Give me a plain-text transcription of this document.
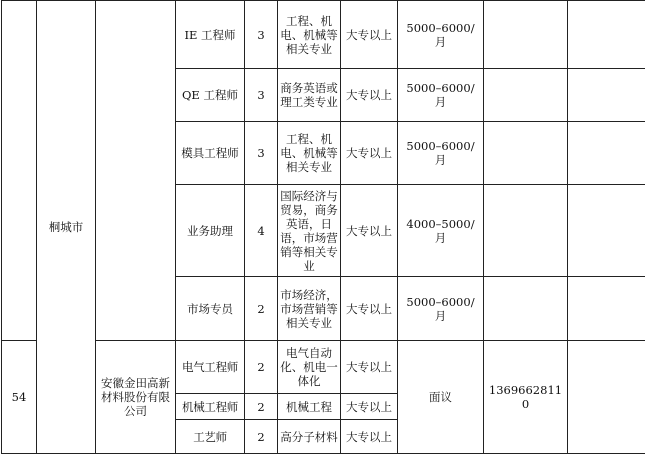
	桐城市		IE 工程师	3	工程、机电、机械等相关专业	大专以上	5000–6000/ 月		
			QE 工程师	3	商务英语或理工类专业	大专以上	5000–6000/ 月		
			模具工程师	3	工程、机电、机械等相关专业	大专以上	5000–6000/ 月		
			业务助理	4	国际经济与贸易，商务英语，日语，市场营销等相关专业	大专以上	4000–5000/ 月		
			市场专员	2	市场经济，市场营销等相关专业	大专以上	5000–6000/ 月		
54		安徽金田高新材料股份有限公司	电气工程师	2	电气自动化、机电一体化	大专以上	面议	13696628110	
			机械工程师	2	机械工程	大专以上			
			工艺师	2	高分子材料	大专以上			
